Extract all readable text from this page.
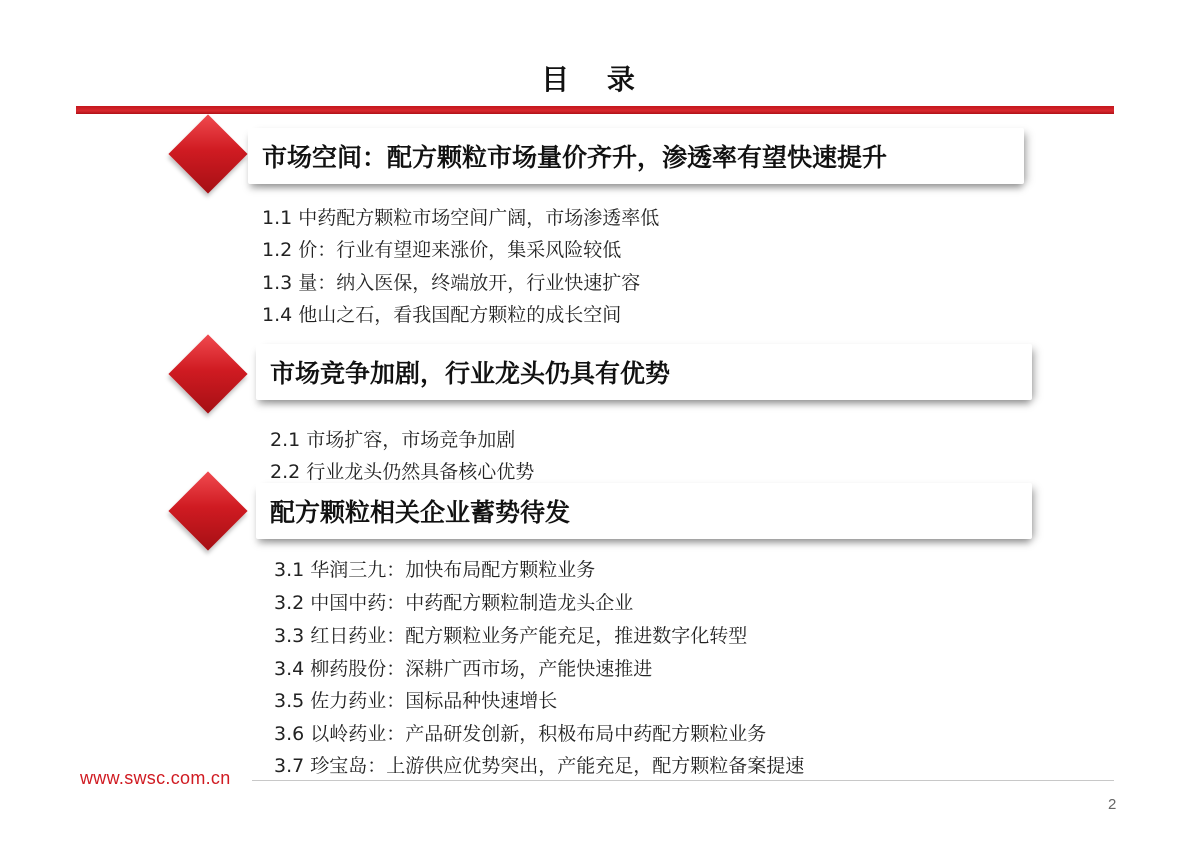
目 录
市场空间：配方颗粒市场量价齐升，渗透率有望快速提升
1.1 中药配方颗粒市场空间广阔，市场渗透率低
1.2 价：行业有望迎来涨价，集采风险较低
1.3 量：纳入医保，终端放开，行业快速扩容
1.4 他山之石，看我国配方颗粒的成长空间
市场竞争加剧，行业龙头仍具有优势
2.1 市场扩容，市场竞争加剧
2.2 行业龙头仍然具备核心优势
配方颗粒相关企业蓄势待发
3.1 华润三九：加快布局配方颗粒业务
3.2 中国中药：中药配方颗粒制造龙头企业
3.3 红日药业：配方颗粒业务产能充足，推进数字化转型
3.4 柳药股份：深耕广西市场，产能快速推进
3.5 佐力药业：国标品种快速增长
3.6 以岭药业：产品研发创新，积极布局中药配方颗粒业务
3.7 珍宝岛：上游供应优势突出，产能充足，配方颗粒备案提速
www.swsc.com.cn
2
